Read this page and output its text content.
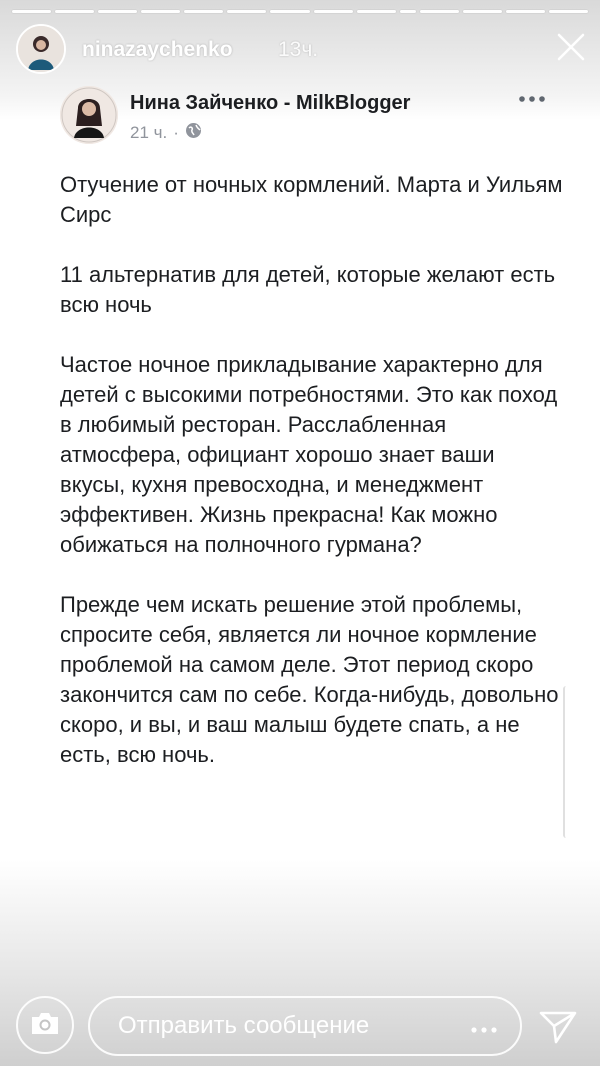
ninazaychenko 13ч.
Нина Зайченко - MilkBlogger
21 ч. ·

Отучение от ночных кормлений. Марта и Уильям Сирс

11 альтернатив для детей, которые желают есть всю ночь

Частое ночное прикладывание характерно для детей с высокими потребностями. Это как поход в любимый ресторан. Расслабленная атмосфера, официант хорошо знает ваши вкусы, кухня превосходна, и менеджмент эффективен. Жизнь прекрасна! Как можно обижаться на полночного гурмана?

Прежде чем искать решение этой проблемы, спросите себя, является ли ночное кормление проблемой на самом деле. Этот период скоро закончится сам по себе. Когда-нибудь, довольно скоро, и вы, и ваш малыш будете спать, а не есть, всю ночь.

Отправить сообщение
